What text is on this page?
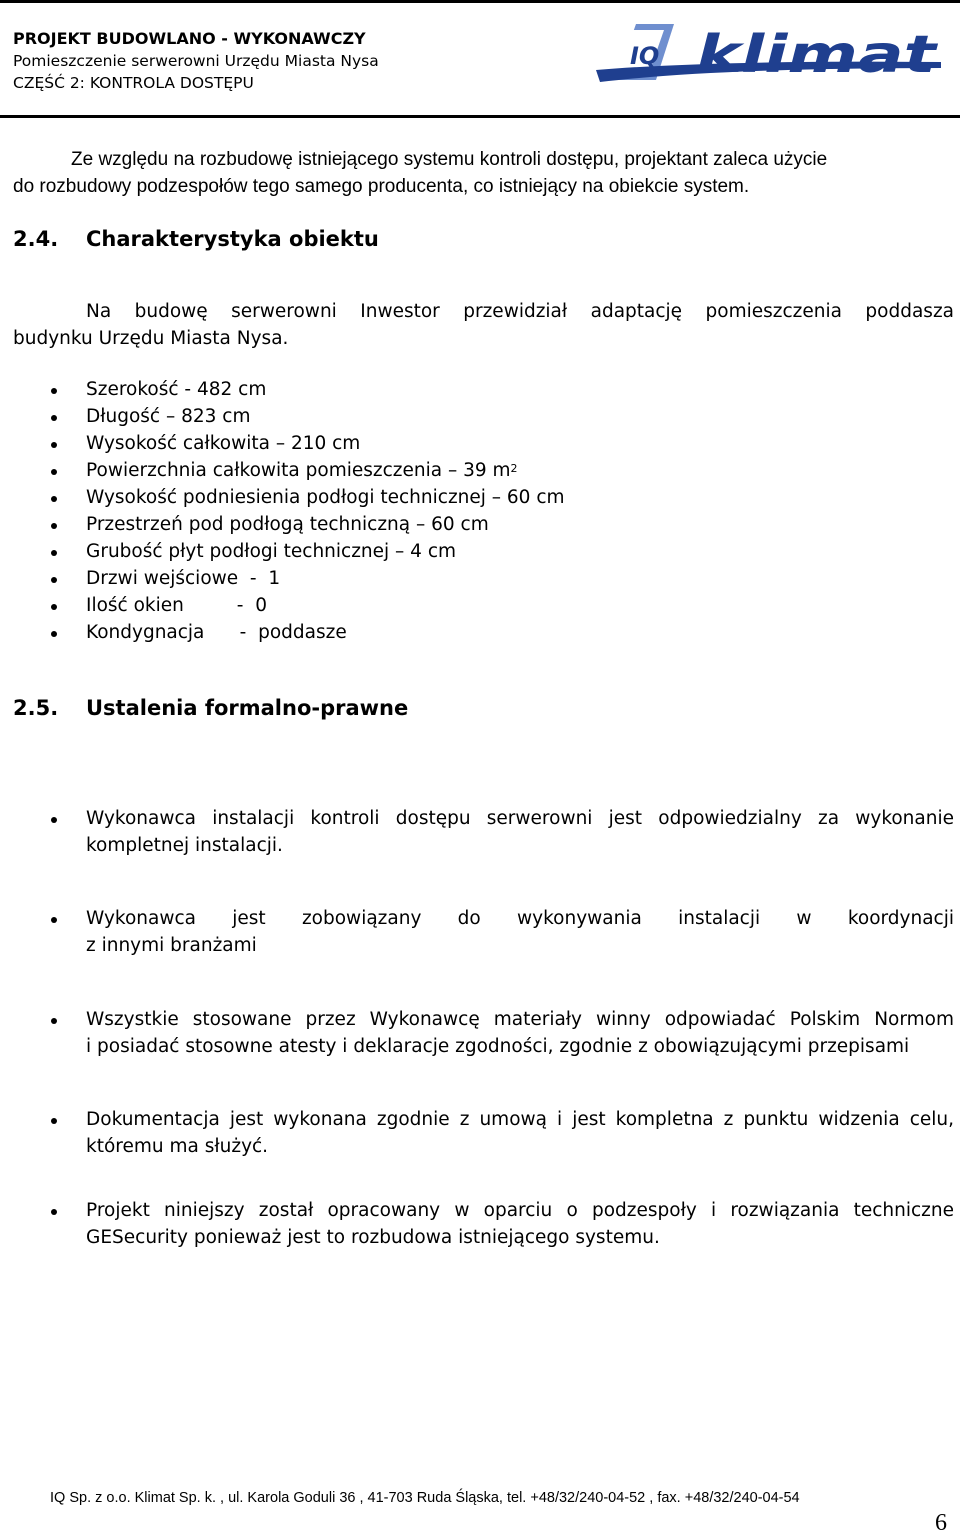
PROJEKT BUDOWLANO - WYKONAWCZY
Pomieszczenie serwerowni Urzędu Miasta Nysa
CZĘŚĆ 2: KONTROLA DOSTĘPU
IQ klimat
Ze względu na rozbudowę istniejącego systemu kontroli dostępu, projektant zaleca użycie
do rozbudowy podzespołów tego samego producenta, co istniejący na obiekcie system.
2.4. Charakterystyka obiektu
Na budowę serwerowni Inwestor przewidział adaptację pomieszczenia poddasza
budynku Urzędu Miasta Nysa.
Szerokość - 482 cm
Długość – 823 cm
Wysokość całkowita – 210 cm
Powierzchnia całkowita pomieszczenia – 39 $m^2$
Wysokość podniesienia podłogi technicznej – 60 cm
Przestrzeń pod podłogą techniczną – 60 cm
Grubość płyt podłogi technicznej – 4 cm
Drzwi wejściowe  -  1
Ilość okien         -  0
Kondygnacja      -  poddasze
2.5. Ustalenia formalno-prawne
Wykonawca instalacji kontroli dostępu serwerowni jest odpowiedzialny za wykonanie
kompletnej instalacji.
Wykonawca jest zobowiązany do wykonywania instalacji w koordynacji
z innymi branżami
Wszystkie stosowane przez Wykonawcę materiały winny odpowiadać Polskim Normom
i posiadać stosowne atesty i deklaracje zgodności, zgodnie z obowiązującymi przepisami
Dokumentacja jest wykonana zgodnie z umową i jest kompletna z punktu widzenia celu,
któremu ma służyć.
Projekt niniejszy został opracowany w oparciu o podzespoły i rozwiązania techniczne
GESecurity ponieważ jest to rozbudowa istniejącego systemu.
IQ Sp. z o.o. Klimat Sp. k. , ul. Karola Goduli 36 , 41-703 Ruda Śląska, tel. +48/32/240-04-52 , fax. +48/32/240-04-54
6
